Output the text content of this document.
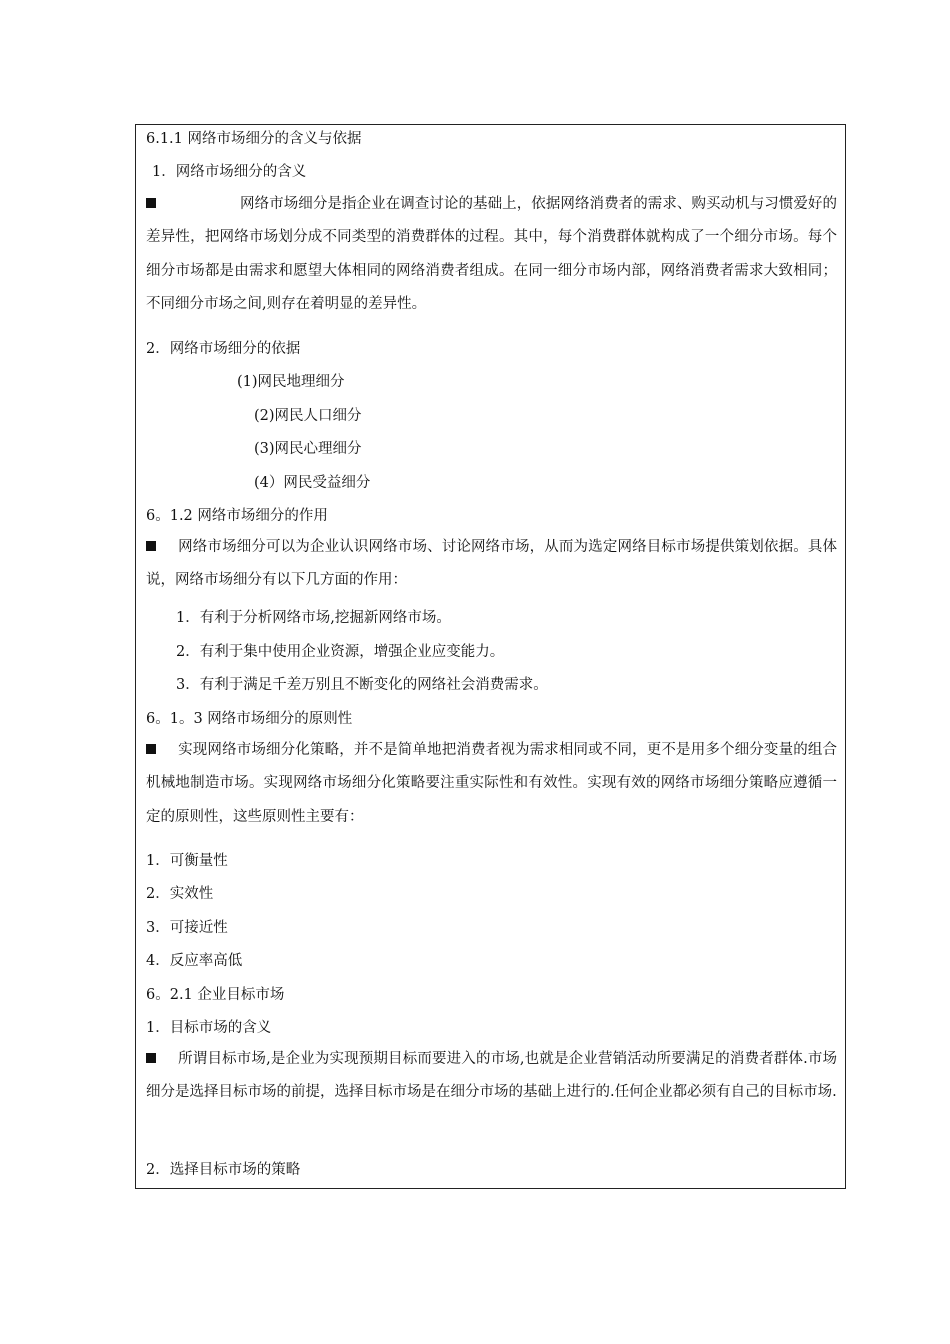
6.1.1 网络市场细分的含义与依据
1．网络市场细分的含义
网络市场细分是指企业在调查讨论的基础上，依据网络消费者的需求、购买动机与习惯爱好的差异性，把网络市场划分成不同类型的消费群体的过程。其中，每个消费群体就构成了一个细分市场。每个细分市场都是由需求和愿望大体相同的网络消费者组成。在同一细分市场内部，网络消费者需求大致相同；不同细分市场之间,则存在着明显的差异性。
2．网络市场细分的依据
(1)网民地理细分
(2)网民人口细分
(3)网民心理细分
(4）网民受益细分
6。1.2 网络市场细分的作用
网络市场细分可以为企业认识网络市场、讨论网络市场，从而为选定网络目标市场提供策划依据。具体说，网络市场细分有以下几方面的作用：
1．有利于分析网络市场,挖掘新网络市场。
2．有利于集中使用企业资源，增强企业应变能力。
3．有利于满足千差万别且不断变化的网络社会消费需求。
6。1。3 网络市场细分的原则性
实现网络市场细分化策略，并不是简单地把消费者视为需求相同或不同，更不是用多个细分变量的组合机械地制造市场。实现网络市场细分化策略要注重实际性和有效性。实现有效的网络市场细分策略应遵循一定的原则性，这些原则性主要有：
1．可衡量性
2．实效性
3．可接近性
4．反应率高低
6。2.1 企业目标市场
1．目标市场的含义
所谓目标市场,是企业为实现预期目标而要进入的市场,也就是企业营销活动所要满足的消费者群体.市场细分是选择目标市场的前提，选择目标市场是在细分市场的基础上进行的.任何企业都必须有自己的目标市场.
2．选择目标市场的策略
